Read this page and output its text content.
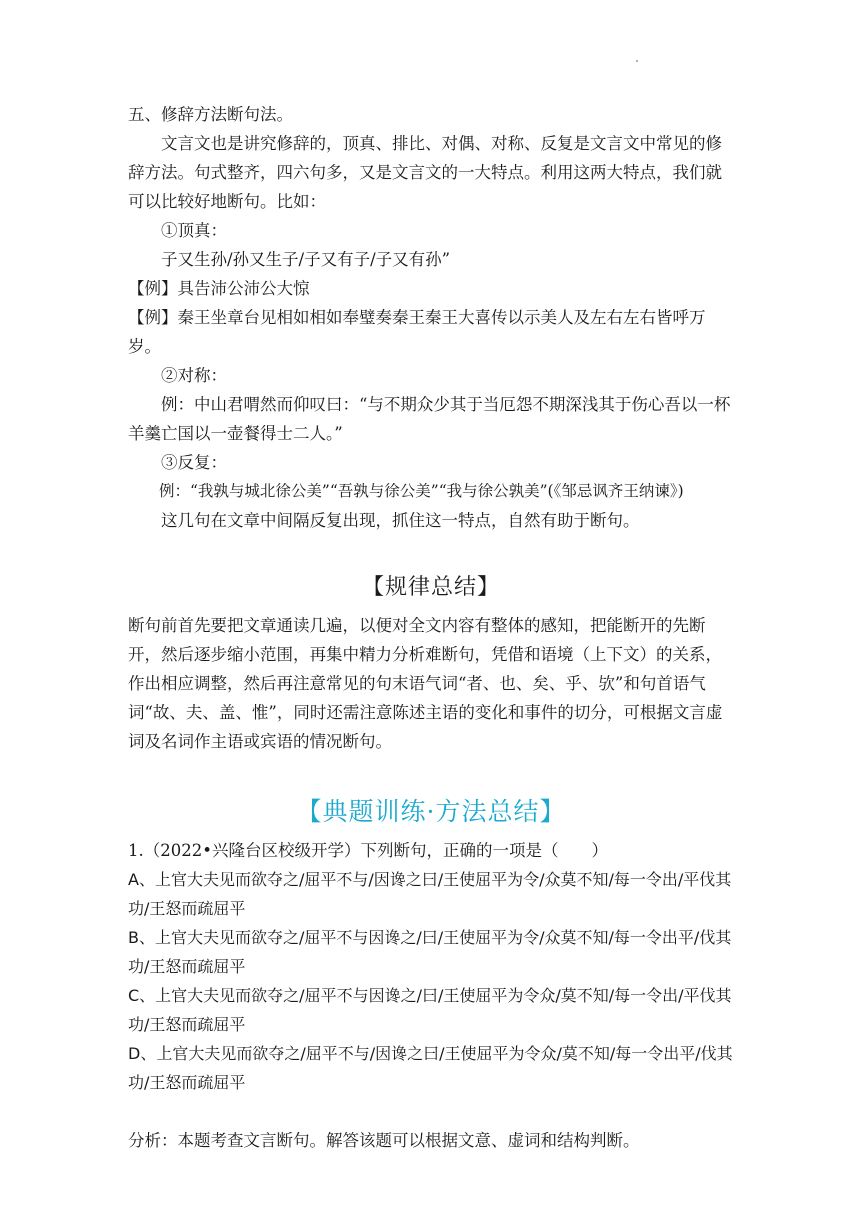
五、修辞方法断句法。

文言文也是讲究修辞的，顶真、排比、对偶、对称、反复是文言文中常见的修辞方法。句式整齐，四六句多，又是文言文的一大特点。利用这两大特点，我们就可以比较好地断句。比如：

①顶真：

子又生孙/孙又生子/子又有子/子又有孙”

【例】具告沛公沛公大惊

【例】秦王坐章台见相如相如奉璧奏秦王秦王大喜传以示美人及左右左右皆呼万岁。

②对称：

例：中山君喟然而仰叹曰：“与不期众少其于当厄怨不期深浅其于伤心吾以一杯羊羹亡国以一壶餐得士二人。”

③反复：

例：“我孰与城北徐公美”“吾孰与徐公美”“我与徐公孰美”(《邹忌讽齐王纳谏》)

这几句在文章中间隔反复出现，抓住这一特点，自然有助于断句。

【规律总结】

断句前首先要把文章通读几遍，以便对全文内容有整体的感知，把能断开的先断开，然后逐步缩小范围，再集中精力分析难断句，凭借和语境（上下文）的关系，作出相应调整，然后再注意常见的句末语气词“者、也、矣、乎、欤”和句首语气词“故、夫、盖、惟”，同时还需注意陈述主语的变化和事件的切分，可根据文言虚词及名词作主语或宾语的情况断句。

【典题训练·方法总结】

1.（2022•兴隆台区校级开学）下列断句，正确的一项是（　　）

A、上官大夫见而欲夺之/屈平不与/因谗之曰/王使屈平为令/众莫不知/每一令出/平伐其功/王怒而疏屈平

B、上官大夫见而欲夺之/屈平不与因谗之/曰/王使屈平为令/众莫不知/每一令出平/伐其功/王怒而疏屈平

C、上官大夫见而欲夺之/屈平不与因谗之/曰/王使屈平为令众/莫不知/每一令出/平伐其功/王怒而疏屈平

D、上官大夫见而欲夺之/屈平不与/因谗之曰/王使屈平为令众/莫不知/每一令出平/伐其功/王怒而疏屈平

分析：本题考查文言断句。解答该题可以根据文意、虚词和结构判断。
